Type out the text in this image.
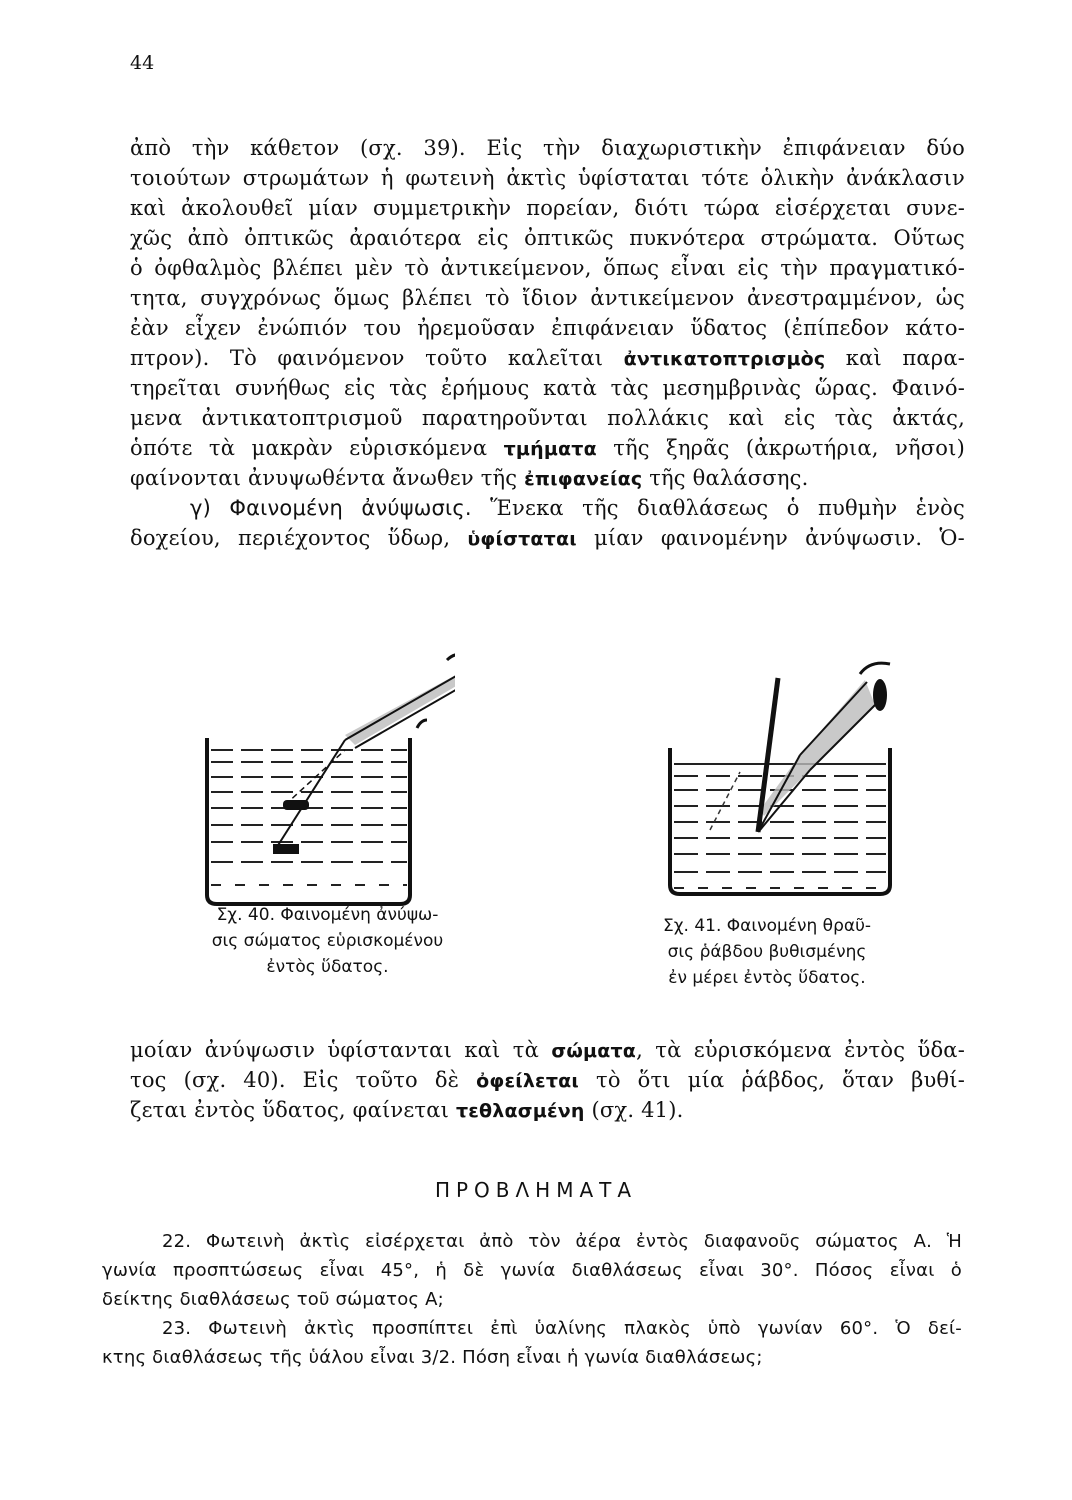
44
ἀπὸ τὴν κάθετον (σχ. 39). Εἰς τὴν διαχωριστικὴν ἐπιφάνειαν δύο
τοιούτων στρωμάτων ἡ φωτεινὴ ἀκτὶς ὑφίσταται τότε ὁλικὴν ἀνάκλασιν
καὶ ἀκολουθεῖ μίαν συμμετρικὴν πορείαν, διότι τώρα εἰσέρχεται συνε-
χῶς ἀπὸ ὀπτικῶς ἀραιότερα εἰς ὀπτικῶς πυκνότερα στρώματα. Οὕτως
ὁ ὀφθαλμὸς βλέπει μὲν τὸ ἀντικείμενον, ὅπως εἶναι εἰς τὴν πραγματικό-
τητα, συγχρόνως ὅμως βλέπει τὸ ἴδιον ἀντικείμενον ἀνεστραμμένον, ὡς
ἐὰν εἶχεν ἐνώπιόν του ἠρεμοῦσαν ἐπιφάνειαν ὕδατος (ἐπίπεδον κάτο-
πτρον). Τὸ φαινόμενον τοῦτο καλεῖται ἀντικατοπτρισμὸς καὶ παρα-
τηρεῖται συνήθως εἰς τὰς ἐρήμους κατὰ τὰς μεσημβρινὰς ὥρας. Φαινό-
μενα ἀντικατοπτρισμοῦ παρατηροῦνται πολλάκις καὶ εἰς τὰς ἀκτάς,
ὁπότε τὰ μακρὰν εὑρισκόμενα τμήματα τῆς ξηρᾶς (ἀκρωτήρια, νῆσοι)
φαίνονται ἀνυψωθέντα ἄνωθεν τῆς ἐπιφανείας τῆς θαλάσσης.
γ) Φαινομένη ἀνύψωσις. Ἕνεκα τῆς διαθλάσεως ὁ πυθμὴν ἑνὸς
δοχείου, περιέχοντος ὕδωρ, ὑφίσταται μίαν φαινομένην ἀνύψωσιν. Ὁ-
Σχ. 40. Φαινομένη ἀνύψω-
σις σώματος εὑρισκομένου
ἐντὸς ὕδατος.
Σχ. 41. Φαινομένη θραῦ-
σις ῥάβδου βυθισμένης
ἐν μέρει ἐντὸς ὕδατος.
μοίαν ἀνύψωσιν ὑφίστανται καὶ τὰ σώματα, τὰ εὑρισκόμενα ἐντὸς ὕδα-
τος (σχ. 40). Εἰς τοῦτο δὲ ὀφείλεται τὸ ὅτι μία ῥάβδος, ὅταν βυθί-
ζεται ἐντὸς ὕδατος, φαίνεται τεθλασμένη (σχ. 41).
ΠΡΟΒΛΗΜΑΤΑ
22. Φωτεινὴ ἀκτὶς εἰσέρχεται ἀπὸ τὸν ἀέρα ἐντὸς διαφανοῦς σώματος Α. Ἡ
γωνία προσπτώσεως εἶναι 45°, ἡ δὲ γωνία διαθλάσεως εἶναι 30°. Πόσος εἶναι ὁ
δείκτης διαθλάσεως τοῦ σώματος Α;
23. Φωτεινὴ ἀκτὶς προσπίπτει ἐπὶ ὑαλίνης πλακὸς ὑπὸ γωνίαν 60°. Ὁ δεί-
κτης διαθλάσεως τῆς ὑάλου εἶναι 3/2. Πόση εἶναι ἡ γωνία διαθλάσεως;
